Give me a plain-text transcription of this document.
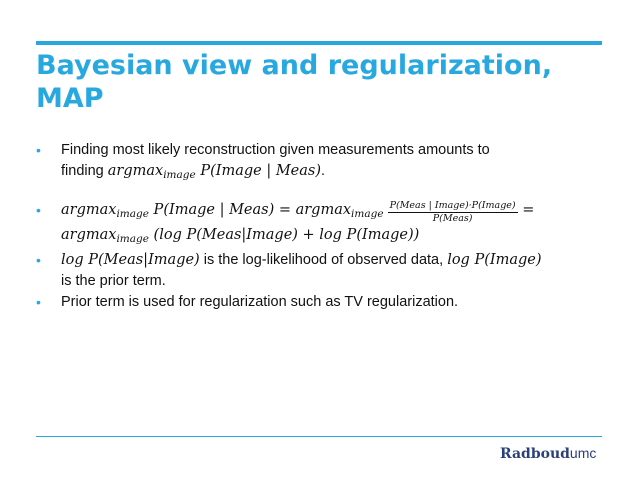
Bayesian view and regularization,
MAP
• Finding most likely reconstruction given measurements amounts to
finding argmax$_{image}$ P(Image | Meas).
• argmax$_{image}$ P(Image | Meas) = $argmax_{image} \frac{\text{P(Meas | Image)·P(Image)}}{\text{P(Meas)}}$ =
argmax$_{image}$ (log P(Meas|Image) + log P(Image))
• log P(Meas|Image) is the log-likelihood of observed data, log P(Image)
is the prior term.
• Prior term is used for regularization such as TV regularization.
Radboudumc
